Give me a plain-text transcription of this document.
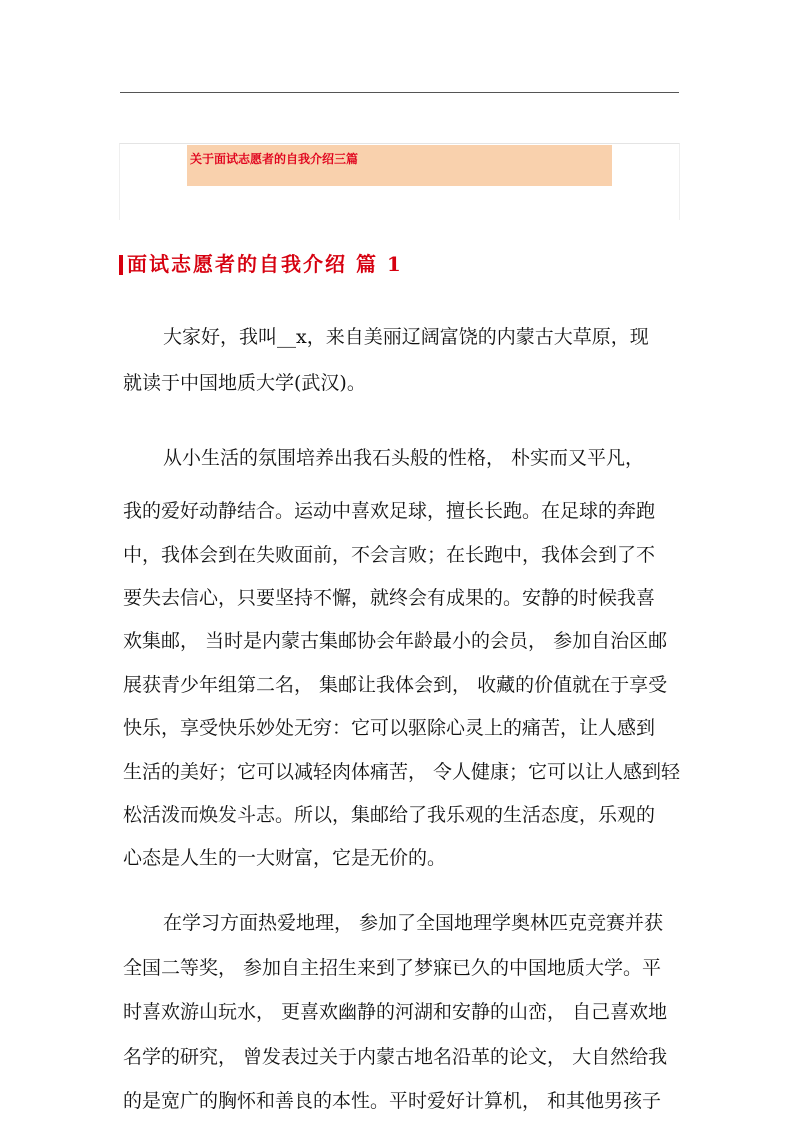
关于面试志愿者的自我介绍三篇
面试志愿者的自我介绍 篇 1
大家好，我叫__x，来自美丽辽阔富饶的内蒙古大草原，现
就读于中国地质大学(武汉)。
从小生活的氛围培养出我石头般的性格， 朴实而又平凡，
我的爱好动静结合。运动中喜欢足球，擅长长跑。在足球的奔跑
中，我体会到在失败面前，不会言败；在长跑中，我体会到了不
要失去信心，只要坚持不懈，就终会有成果的。安静的时候我喜
欢集邮， 当时是内蒙古集邮协会年龄最小的会员， 参加自治区邮
展获青少年组第二名， 集邮让我体会到， 收藏的价值就在于享受
快乐，享受快乐妙处无穷：它可以驱除心灵上的痛苦，让人感到
生活的美好；它可以减轻肉体痛苦， 令人健康；它可以让人感到轻
松活泼而焕发斗志。所以，集邮给了我乐观的生活态度，乐观的
心态是人生的一大财富，它是无价的。
在学习方面热爱地理， 参加了全国地理学奥林匹克竞赛并获
全国二等奖， 参加自主招生来到了梦寐已久的中国地质大学。平
时喜欢游山玩水， 更喜欢幽静的河湖和安静的山峦， 自己喜欢地
名学的研究， 曾发表过关于内蒙古地名沿革的论文， 大自然给我
的是宽广的胸怀和善良的本性。平时爱好计算机， 和其他男孩子
